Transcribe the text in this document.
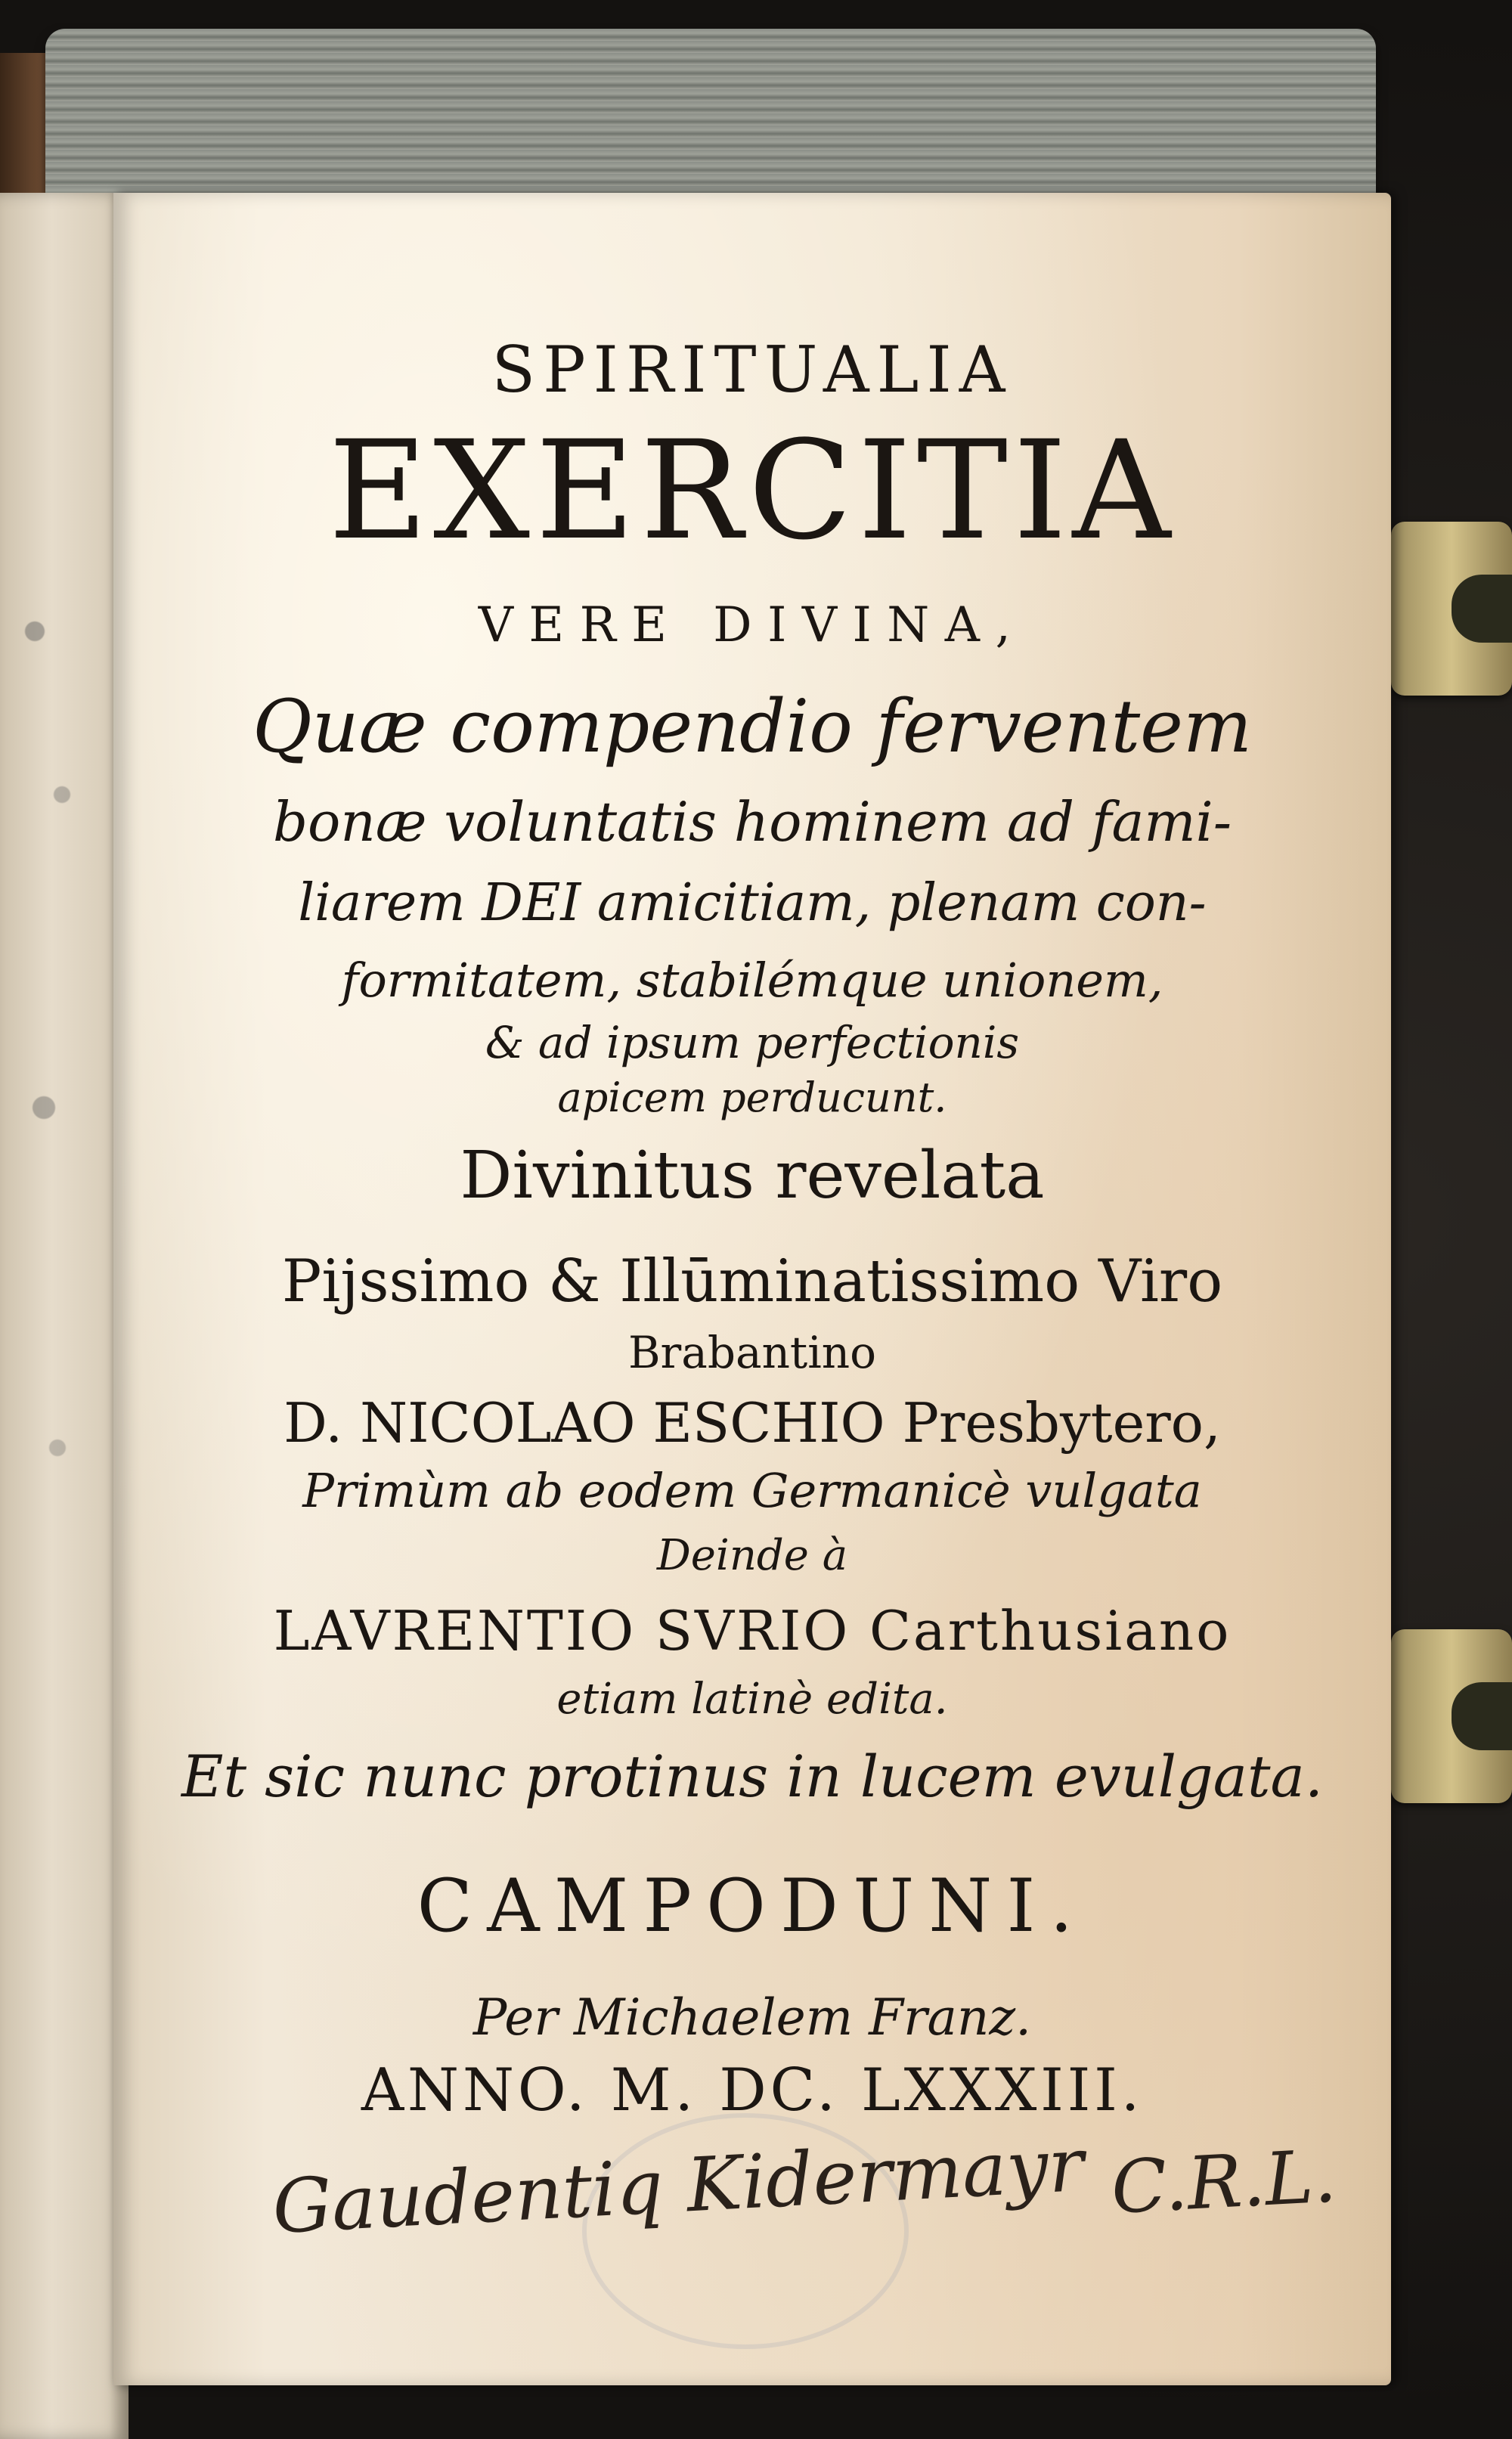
SPIRITUALIA
EXERCITIA
VERE DIVINA,
Quæ compendio ferventem
bonæ voluntatis hominem ad fami-
liarem DEI amicitiam, plenam con-
formitatem, stabilémque unionem,
& ad ipsum perfectionis
apicem perducunt.
Divinitus revelata
Pijssimo & Illūminatissimo Viro
Brabantino
D. NICOLAO ESCHIO Presbytero,
Primùm ab eodem Germanicè vulgata
Deinde à
LAVRENTIO SVRIO Carthusiano
etiam latinè edita.
Et sic nunc protinus in lucem evulgata.
CAMPODUNI.
Per Michaelem Franz.
ANNO. M. DC. LXXXIII.
Gaudentiq Kidermayr C.R.L.
